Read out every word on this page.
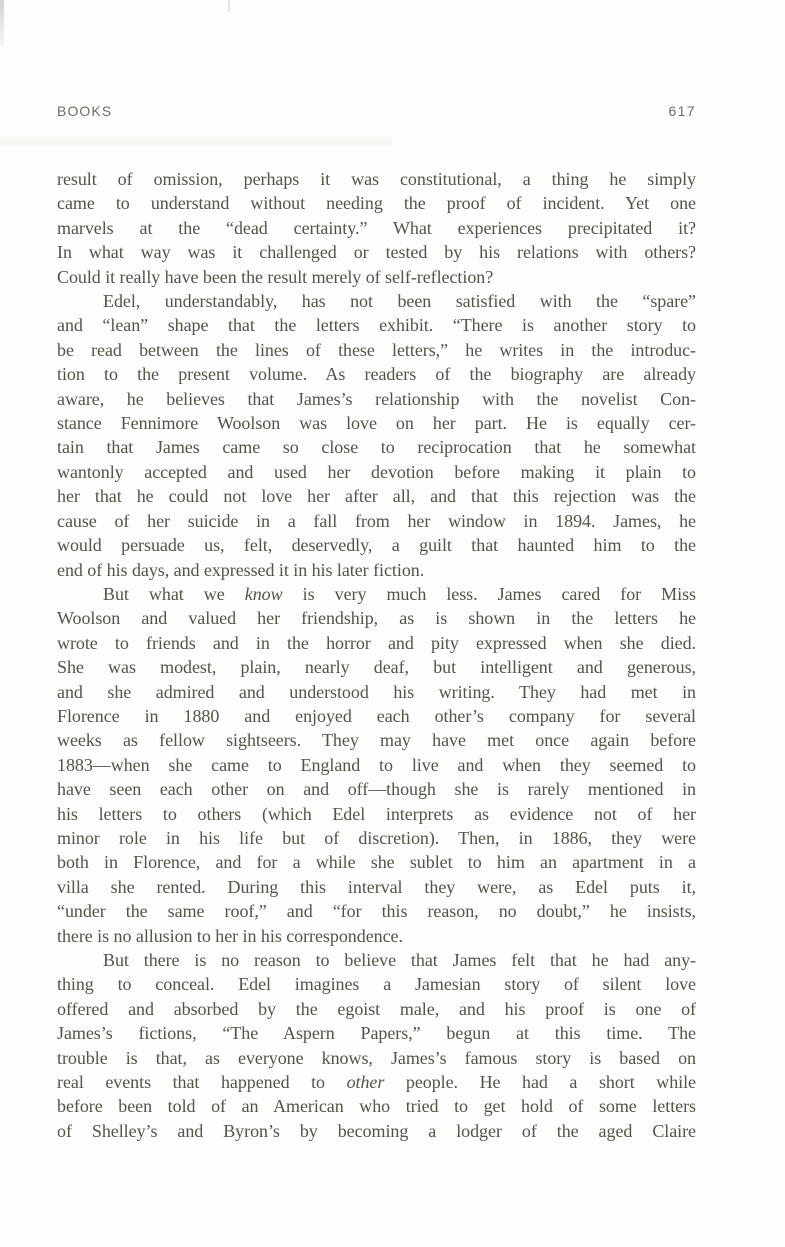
BOOKS	617
result of omission, perhaps it was constitutional, a thing he simply
came to understand without needing the proof of incident. Yet one
marvels at the “dead certainty.” What experiences precipitated it?
In what way was it challenged or tested by his relations with others?
Could it really have been the result merely of self-reflection?
Edel, understandably, has not been satisfied with the “spare”
and “lean” shape that the letters exhibit. “There is another story to
be read between the lines of these letters,” he writes in the introduc-
tion to the present volume. As readers of the biography are already
aware, he believes that James’s relationship with the novelist Con-
stance Fennimore Woolson was love on her part. He is equally cer-
tain that James came so close to reciprocation that he somewhat
wantonly accepted and used her devotion before making it plain to
her that he could not love her after all, and that this rejection was the
cause of her suicide in a fall from her window in 1894. James, he
would persuade us, felt, deservedly, a guilt that haunted him to the
end of his days, and expressed it in his later fiction.
But what we know is very much less. James cared for Miss
Woolson and valued her friendship, as is shown in the letters he
wrote to friends and in the horror and pity expressed when she died.
She was modest, plain, nearly deaf, but intelligent and generous,
and she admired and understood his writing. They had met in
Florence in 1880 and enjoyed each other’s company for several
weeks as fellow sightseers. They may have met once again before
1883—when she came to England to live and when they seemed to
have seen each other on and off—though she is rarely mentioned in
his letters to others (which Edel interprets as evidence not of her
minor role in his life but of discretion). Then, in 1886, they were
both in Florence, and for a while she sublet to him an apartment in a
villa she rented. During this interval they were, as Edel puts it,
“under the same roof,” and “for this reason, no doubt,” he insists,
there is no allusion to her in his correspondence.
But there is no reason to believe that James felt that he had any-
thing to conceal. Edel imagines a Jamesian story of silent love
offered and absorbed by the egoist male, and his proof is one of
James’s fictions, “The Aspern Papers,” begun at this time. The
trouble is that, as everyone knows, James’s famous story is based on
real events that happened to other people. He had a short while
before been told of an American who tried to get hold of some letters
of Shelley’s and Byron’s by becoming a lodger of the aged Claire
